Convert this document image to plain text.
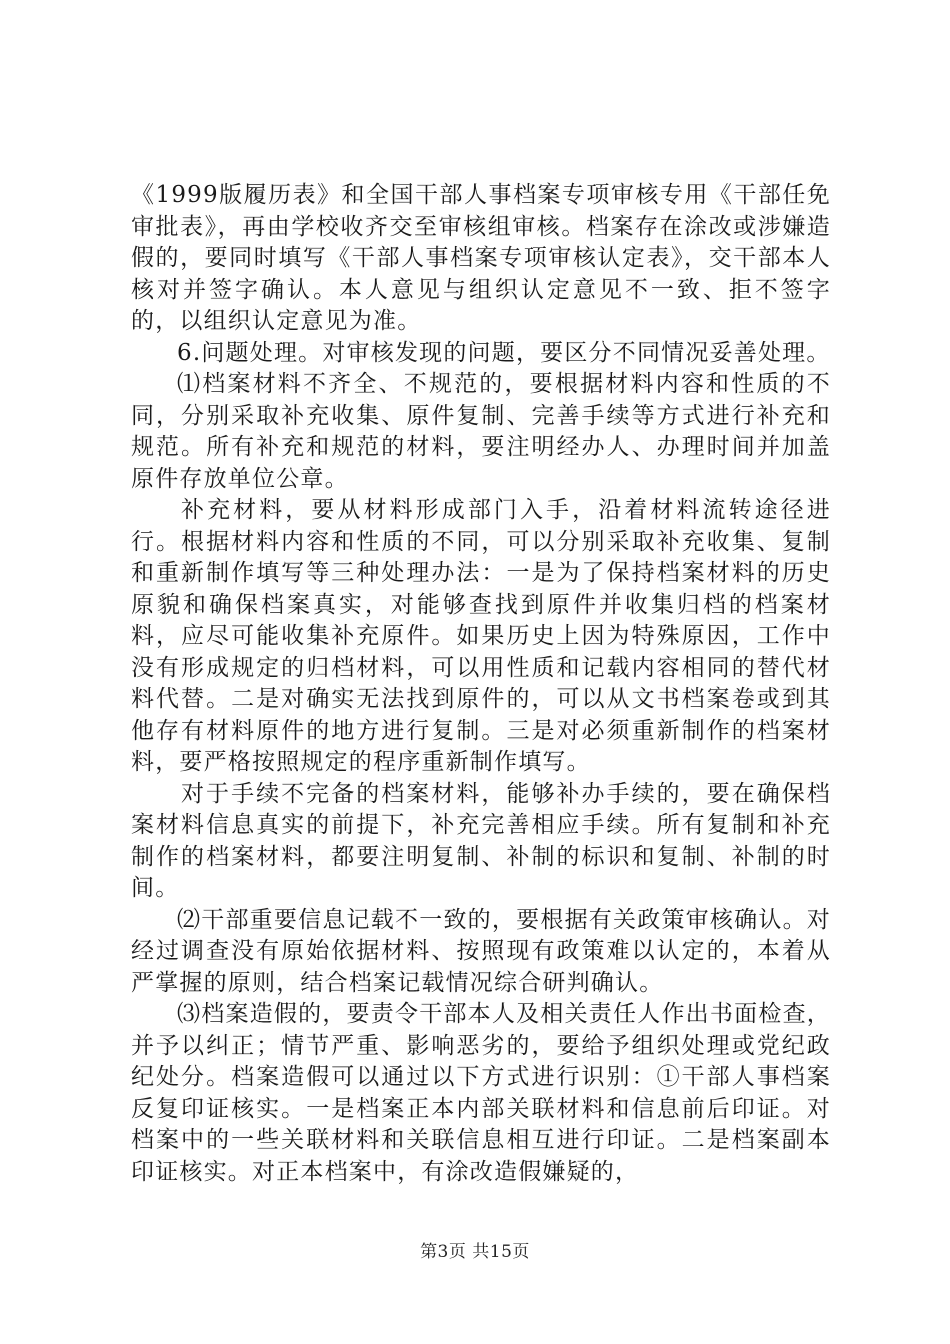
《1999版履历表》和全国干部人事档案专项审核专用《干部任免审批表》，再由学校收齐交至审核组审核。档案存在涂改或涉嫌造假的，要同时填写《干部人事档案专项审核认定表》，交干部本人核对并签字确认。本人意见与组织认定意见不一致、拒不签字的，以组织认定意见为准。

6.问题处理。对审核发现的问题，要区分不同情况妥善处理。

⑴档案材料不齐全、不规范的，要根据材料内容和性质的不同，分别采取补充收集、原件复制、完善手续等方式进行补充和规范。所有补充和规范的材料，要注明经办人、办理时间并加盖原件存放单位公章。

补充材料，要从材料形成部门入手，沿着材料流转途径进行。根据材料内容和性质的不同，可以分别采取补充收集、复制和重新制作填写等三种处理办法：一是为了保持档案材料的历史原貌和确保档案真实，对能够查找到原件并收集归档的档案材料，应尽可能收集补充原件。如果历史上因为特殊原因，工作中没有形成规定的归档材料，可以用性质和记载内容相同的替代材料代替。二是对确实无法找到原件的，可以从文书档案卷或到其他存有材料原件的地方进行复制。三是对必须重新制作的档案材料，要严格按照规定的程序重新制作填写。

对于手续不完备的档案材料，能够补办手续的，要在确保档案材料信息真实的前提下，补充完善相应手续。所有复制和补充制作的档案材料，都要注明复制、补制的标识和复制、补制的时间。

⑵干部重要信息记载不一致的，要根据有关政策审核确认。对经过调查没有原始依据材料、按照现有政策难以认定的，本着从严掌握的原则，结合档案记载情况综合研判确认。

⑶档案造假的，要责令干部本人及相关责任人作出书面检查，并予以纠正；情节严重、影响恶劣的，要给予组织处理或党纪政纪处分。档案造假可以通过以下方式进行识别：①干部人事档案反复印证核实。一是档案正本内部关联材料和信息前后印证。对档案中的一些关联材料和关联信息相互进行印证。二是档案副本印证核实。对正本档案中，有涂改造假嫌疑的，

第3页 共15页
